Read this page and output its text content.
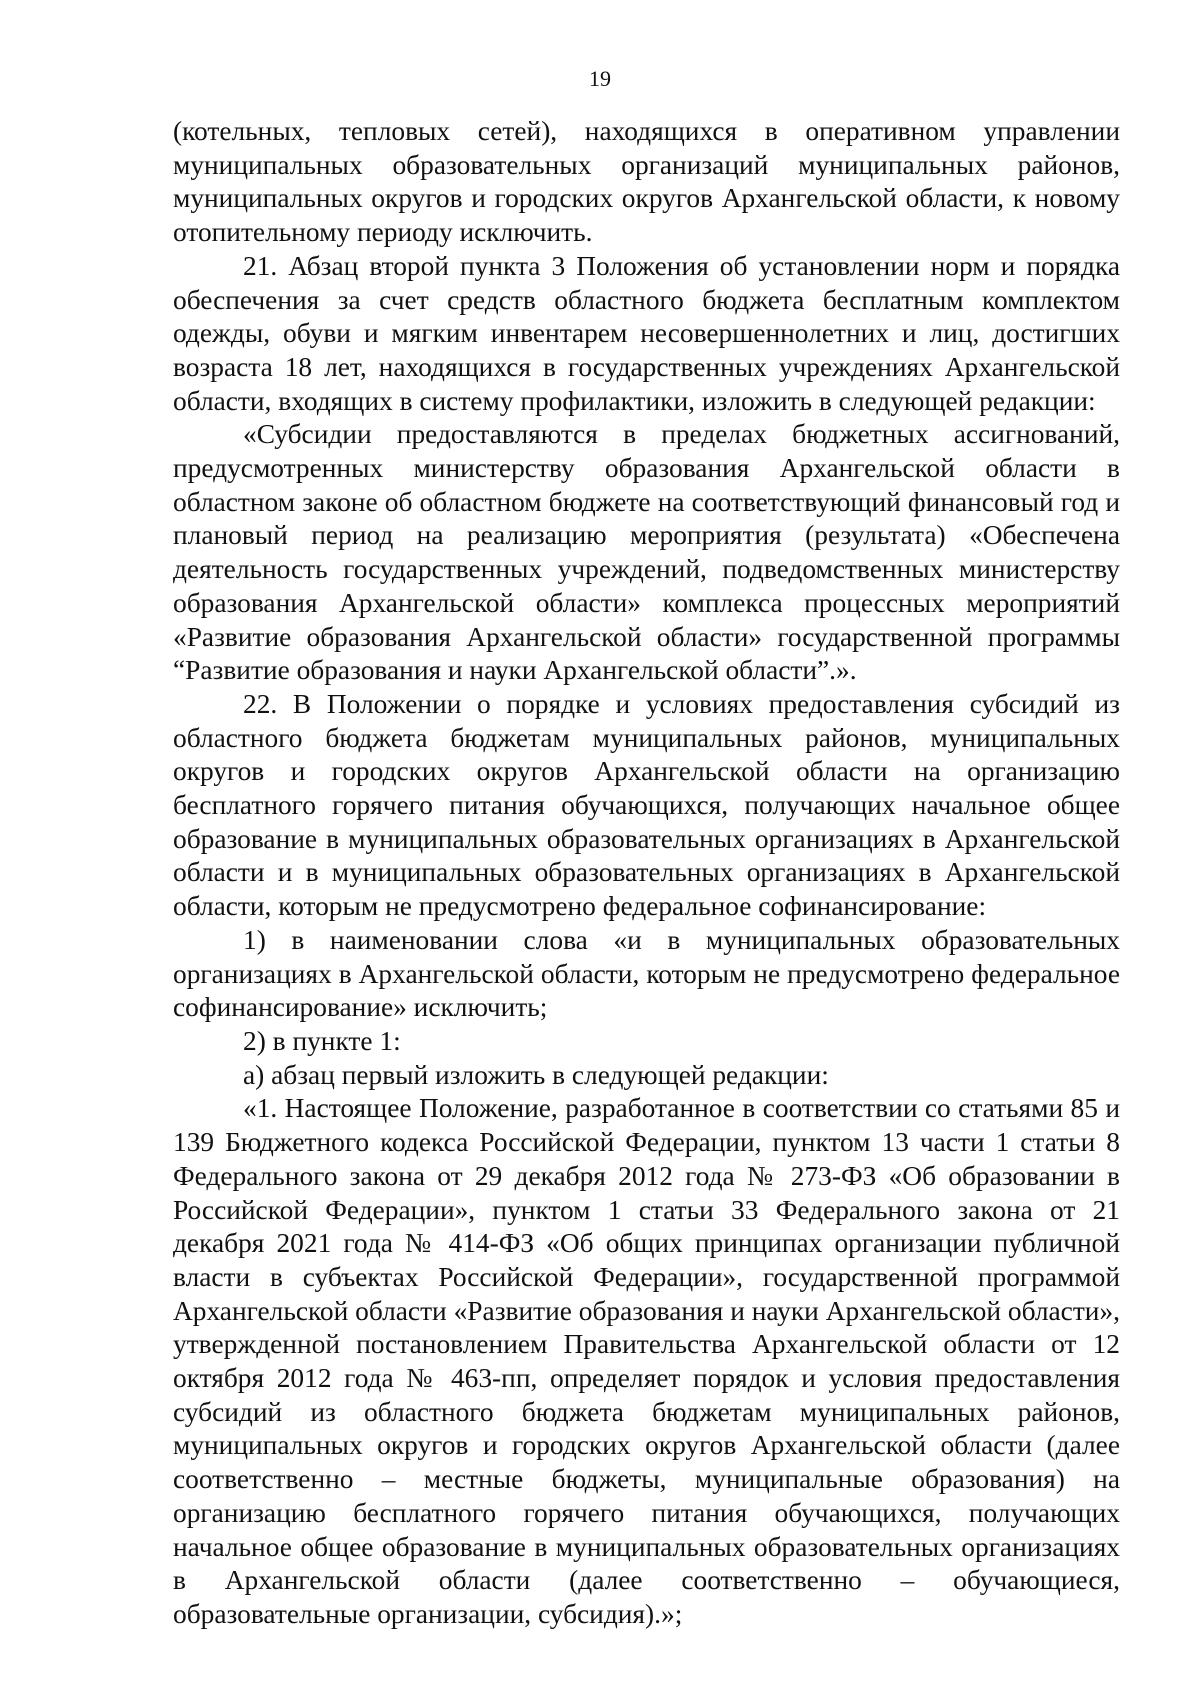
19

(котельных, тепловых сетей), находящихся в оперативном управлении муниципальных образовательных организаций муниципальных районов, муниципальных округов и городских округов Архангельской области, к новому отопительному периоду исключить.

21. Абзац второй пункта 3 Положения об установлении норм и порядка обеспечения за счет средств областного бюджета бесплатным комплектом одежды, обуви и мягким инвентарем несовершеннолетних и лиц, достигших возраста 18 лет, находящихся в государственных учреждениях Архангельской области, входящих в систему профилактики, изложить в следующей редакции:

«Субсидии предоставляются в пределах бюджетных ассигнований, предусмотренных министерству образования Архангельской области в областном законе об областном бюджете на соответствующий финансовый год и плановый период на реализацию мероприятия (результата) «Обеспечена деятельность государственных учреждений, подведомственных министерству образования Архангельской области» комплекса процессных мероприятий «Развитие образования Архангельской области» государственной программы “Развитие образования и науки Архангельской области”.».

22. В Положении о порядке и условиях предоставления субсидий из областного бюджета бюджетам муниципальных районов, муниципальных округов и городских округов Архангельской области на организацию бесплатного горячего питания обучающихся, получающих начальное общее образование в муниципальных образовательных организациях в Архангельской области и в муниципальных образовательных организациях в Архангельской области, которым не предусмотрено федеральное софинансирование:

1) в наименовании слова «и в муниципальных образовательных организациях в Архангельской области, которым не предусмотрено федеральное софинансирование» исключить;

2) в пункте 1:

а) абзац первый изложить в следующей редакции:

«1. Настоящее Положение, разработанное в соответствии со статьями 85 и 139 Бюджетного кодекса Российской Федерации, пунктом 13 части 1 статьи 8 Федерального закона от 29 декабря 2012 года № 273-ФЗ «Об образовании в Российской Федерации», пунктом 1 статьи 33 Федерального закона от 21 декабря 2021 года № 414-ФЗ «Об общих принципах организации публичной власти в субъектах Российской Федерации», государственной программой Архангельской области «Развитие образования и науки Архангельской области», утвержденной постановлением Правительства Архангельской области от 12 октября 2012 года № 463-пп, определяет порядок и условия предоставления субсидий из областного бюджета бюджетам муниципальных районов, муниципальных округов и городских округов Архангельской области (далее соответственно – местные бюджеты, муниципальные образования) на организацию бесплатного горячего питания обучающихся, получающих начальное общее образование в муниципальных образовательных организациях в Архангельской области (далее соответственно – обучающиеся, образовательные организации, субсидия).»;
